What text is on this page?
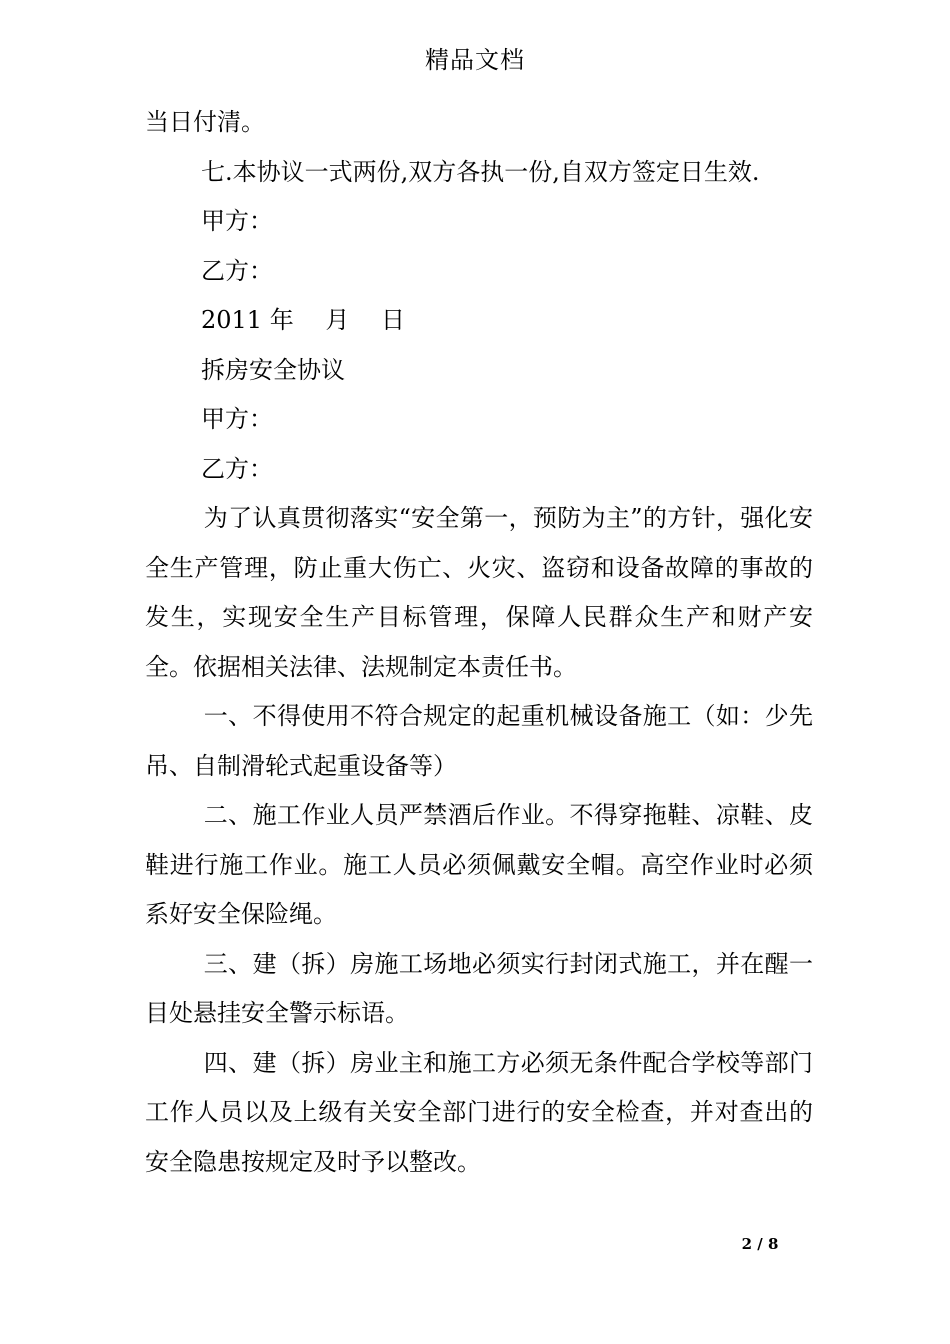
精品文档

当日付清。

七.本协议一式两份,双方各执一份,自双方签定日生效.

甲方：

乙方：

2011 年　 月　 日

拆房安全协议

甲方：

乙方：

为了认真贯彻落实“安全第一，预防为主”的方针，强化安全生产管理，防止重大伤亡、火灾、盗窃和设备故障的事故的发生，实现安全生产目标管理，保障人民群众生产和财产安全。依据相关法律、法规制定本责任书。

一、不得使用不符合规定的起重机械设备施工（如：少先吊、自制滑轮式起重设备等）

二、施工作业人员严禁酒后作业。不得穿拖鞋、凉鞋、皮鞋进行施工作业。施工人员必须佩戴安全帽。高空作业时必须系好安全保险绳。

三、建（拆）房施工场地必须实行封闭式施工，并在醒一目处悬挂安全警示标语。

四、建（拆）房业主和施工方必须无条件配合学校等部门工作人员以及上级有关安全部门进行的安全检查，并对查出的安全隐患按规定及时予以整改。

2 / 8
